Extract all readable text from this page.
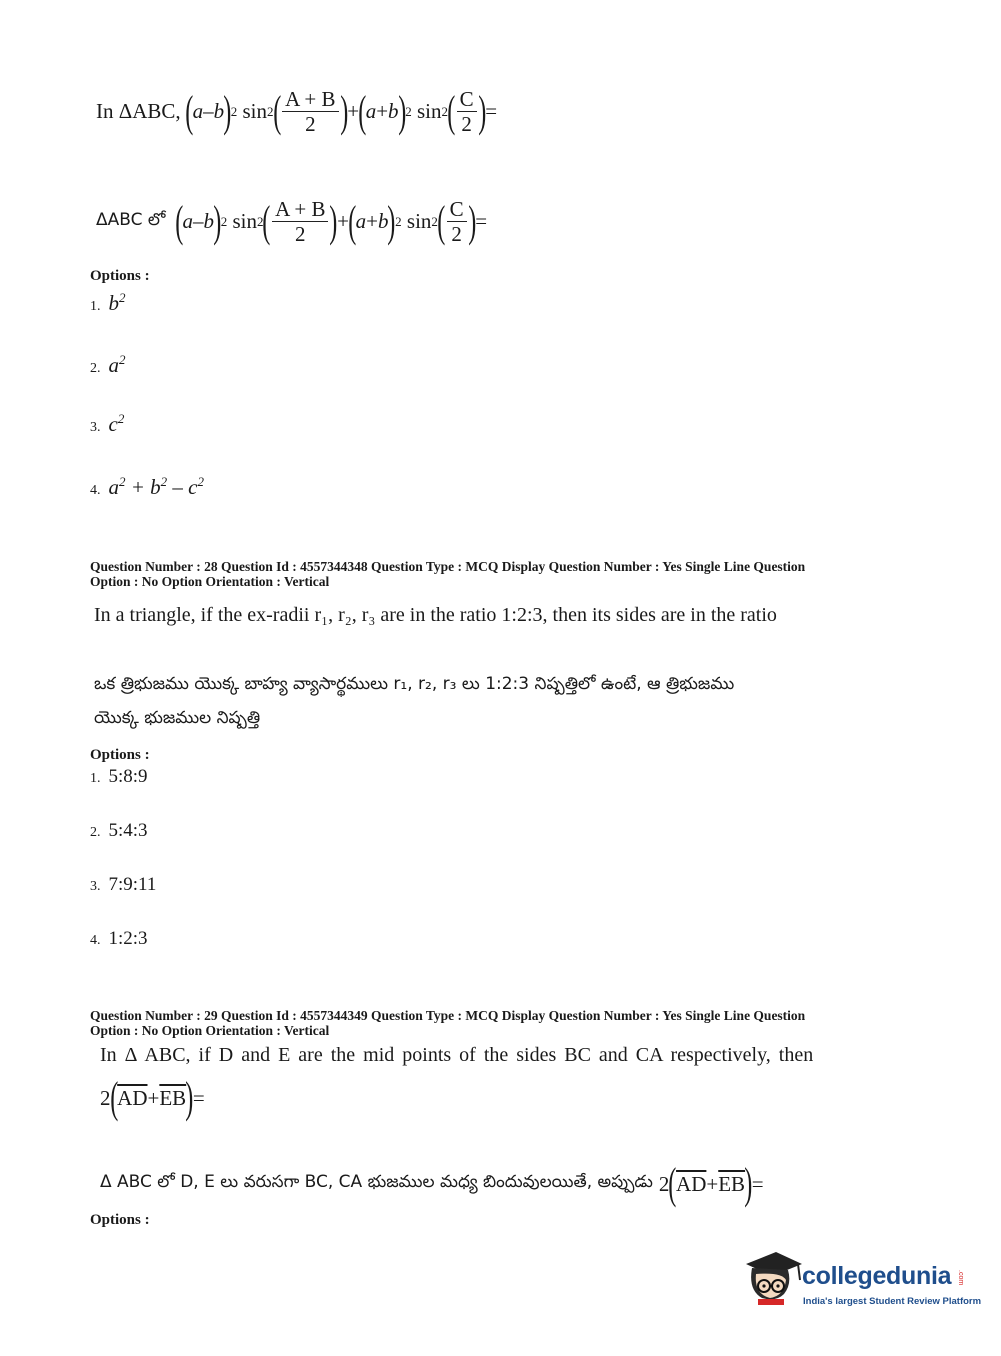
In ΔABC,
( a – b ) 2
sin 2 ( $\frac{A + B}{2}$ ) + ( a + b ) 2
sin 2 ( $\frac{C}{2}$ ) =
ΔABC లో
( a – b ) 2
sin 2 ( $\frac{A + B}{2}$ ) + ( a + b ) 2
sin 2 ( $\frac{C}{2}$ ) =
Options :
1. $b^2$
2. $a^2$
3. $c^2$
4. $a^2 + b^2 - c^2$
Question Number : 28 Question Id : 4557344348 Question Type : MCQ Display Question Number : Yes Single Line Question
Option : No Option Orientation : Vertical
In a triangle, if the ex-radii r₁, r₂, r₃ are in the ratio 1:2:3, then its sides are in the ratio
ఒక త్రిభుజము యొక్క బాహ్య వ్యాసార్థములు r₁, r₂, r₃ లు 1:2:3 నిష్పత్తిలో ఉంటే, ఆ త్రిభుజము
యొక్క భుజముల నిష్పత్తి
Options :
1. 5:8:9
2. 5:4:3
3. 7:9:11
4. 1:2:3
Question Number : 29 Question Id : 4557344349 Question Type : MCQ Display Question Number : Yes Single Line Question
Option : No Option Orientation : Vertical
In Δ ABC, if D and E are the mid points of the sides BC and CA respectively, then
2 ( $\overline{AD} + \overline{EB}$ ) =
Δ ABC లో D, E లు వరుసగా BC, CA భుజముల మధ్య బిందువులయితే, అప్పుడు 2 ( $\overline{AD} + \overline{EB}$ ) =
Options :
collegedunia .com
India's largest Student Review Platform
